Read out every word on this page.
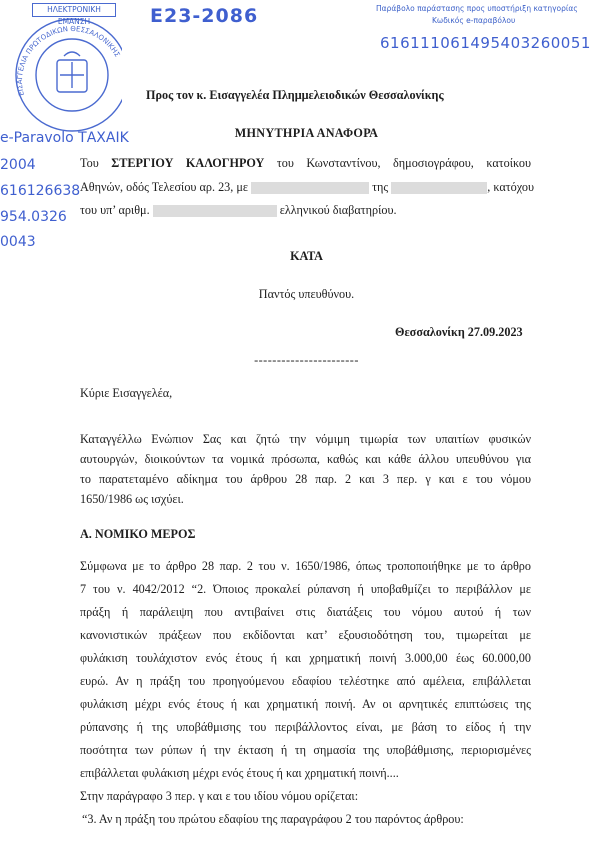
ΕΙΣΑΓΓΕΛΙΑ ΠΡΩΤΟΔΙΚΩΝ ΘΕΣΣΑΛΟΝΙΚΗΣ
ΗΛΕΚΤΡΟΝΙΚΗ ΕΜΑΝΣΗ	E23-2086	Παράβολο παράστασης προς υποστήριξη κατηγορίας
Κωδικός e-παραβόλου
616111061495403260051
e-Paravolo ΤΑΧΑΙΚ
2004
616126638
954.0326
0043
Προς τον κ. Εισαγγελέα Πλημμελειοδικών Θεσσαλονίκης
ΜΗΝΥΤΗΡΙΑ ΑΝΑΦΟΡΑ
Του ΣΤΕΡΓΙΟΥ ΚΑΛΟΓΗΡΟΥ του Κωνσταντίνου, δημοσιογράφου, κατοίκου
Αθηνών, οδός Τελεσίου αρ. 23, με	της	, κατόχου
του υπ’ αριθμ.	ελληνικού διαβατηρίου.
ΚΑΤΑ
Παντός υπευθύνου.
Θεσσαλονίκη 27.09.2023
-----------------------
Κύριε Εισαγγελέα,
Καταγγέλλω Ενώπιον Σας και ζητώ την νόμιμη τιμωρία των υπαιτίων φυσικών
αυτουργών, διοικούντων τα νομικά πρόσωπα, καθώς και κάθε άλλου υπευθύνου για
το παρατεταμένο αδίκημα του άρθρου 28 παρ. 2 και 3 περ. γ και ε του νόμου
1650/1986 ως ισχύει.
Α. ΝΟΜΙΚΟ ΜΕΡΟΣ
Σύμφωνα με το άρθρο 28 παρ. 2 του ν. 1650/1986, όπως τροποποιήθηκε με το άρθρο
7 του ν. 4042/2012 “2. Όποιος προκαλεί ρύπανση ή υποβαθμίζει το περιβάλλον με
πράξη ή παράλειψη που αντιβαίνει στις διατάξεις του νόμου αυτού ή των
κανονιστικών πράξεων που εκδίδονται κατ’ εξουσιοδότηση του, τιμωρείται με
φυλάκιση τουλάχιστον ενός έτους ή και χρηματική ποινή 3.000,00 έως 60.000,00
ευρώ. Αν η πράξη του προηγούμενου εδαφίου τελέστηκε από αμέλεια, επιβάλλεται
φυλάκιση μέχρι ενός έτους ή και χρηματική ποινή. Αν οι αρνητικές επιπτώσεις της
ρύπανσης ή της υποβάθμισης του περιβάλλοντος είναι, με βάση το είδος ή την
ποσότητα των ρύπων ή την έκταση ή τη σημασία της υποβάθμισης, περιορισμένες
επιβάλλεται φυλάκιση μέχρι ενός έτους ή και χρηματική ποινή....
Στην παράγραφο 3 περ. γ και ε του ιδίου νόμου ορίζεται:
“3. Αν η πράξη του πρώτου εδαφίου της παραγράφου 2 του παρόντος άρθρου:
